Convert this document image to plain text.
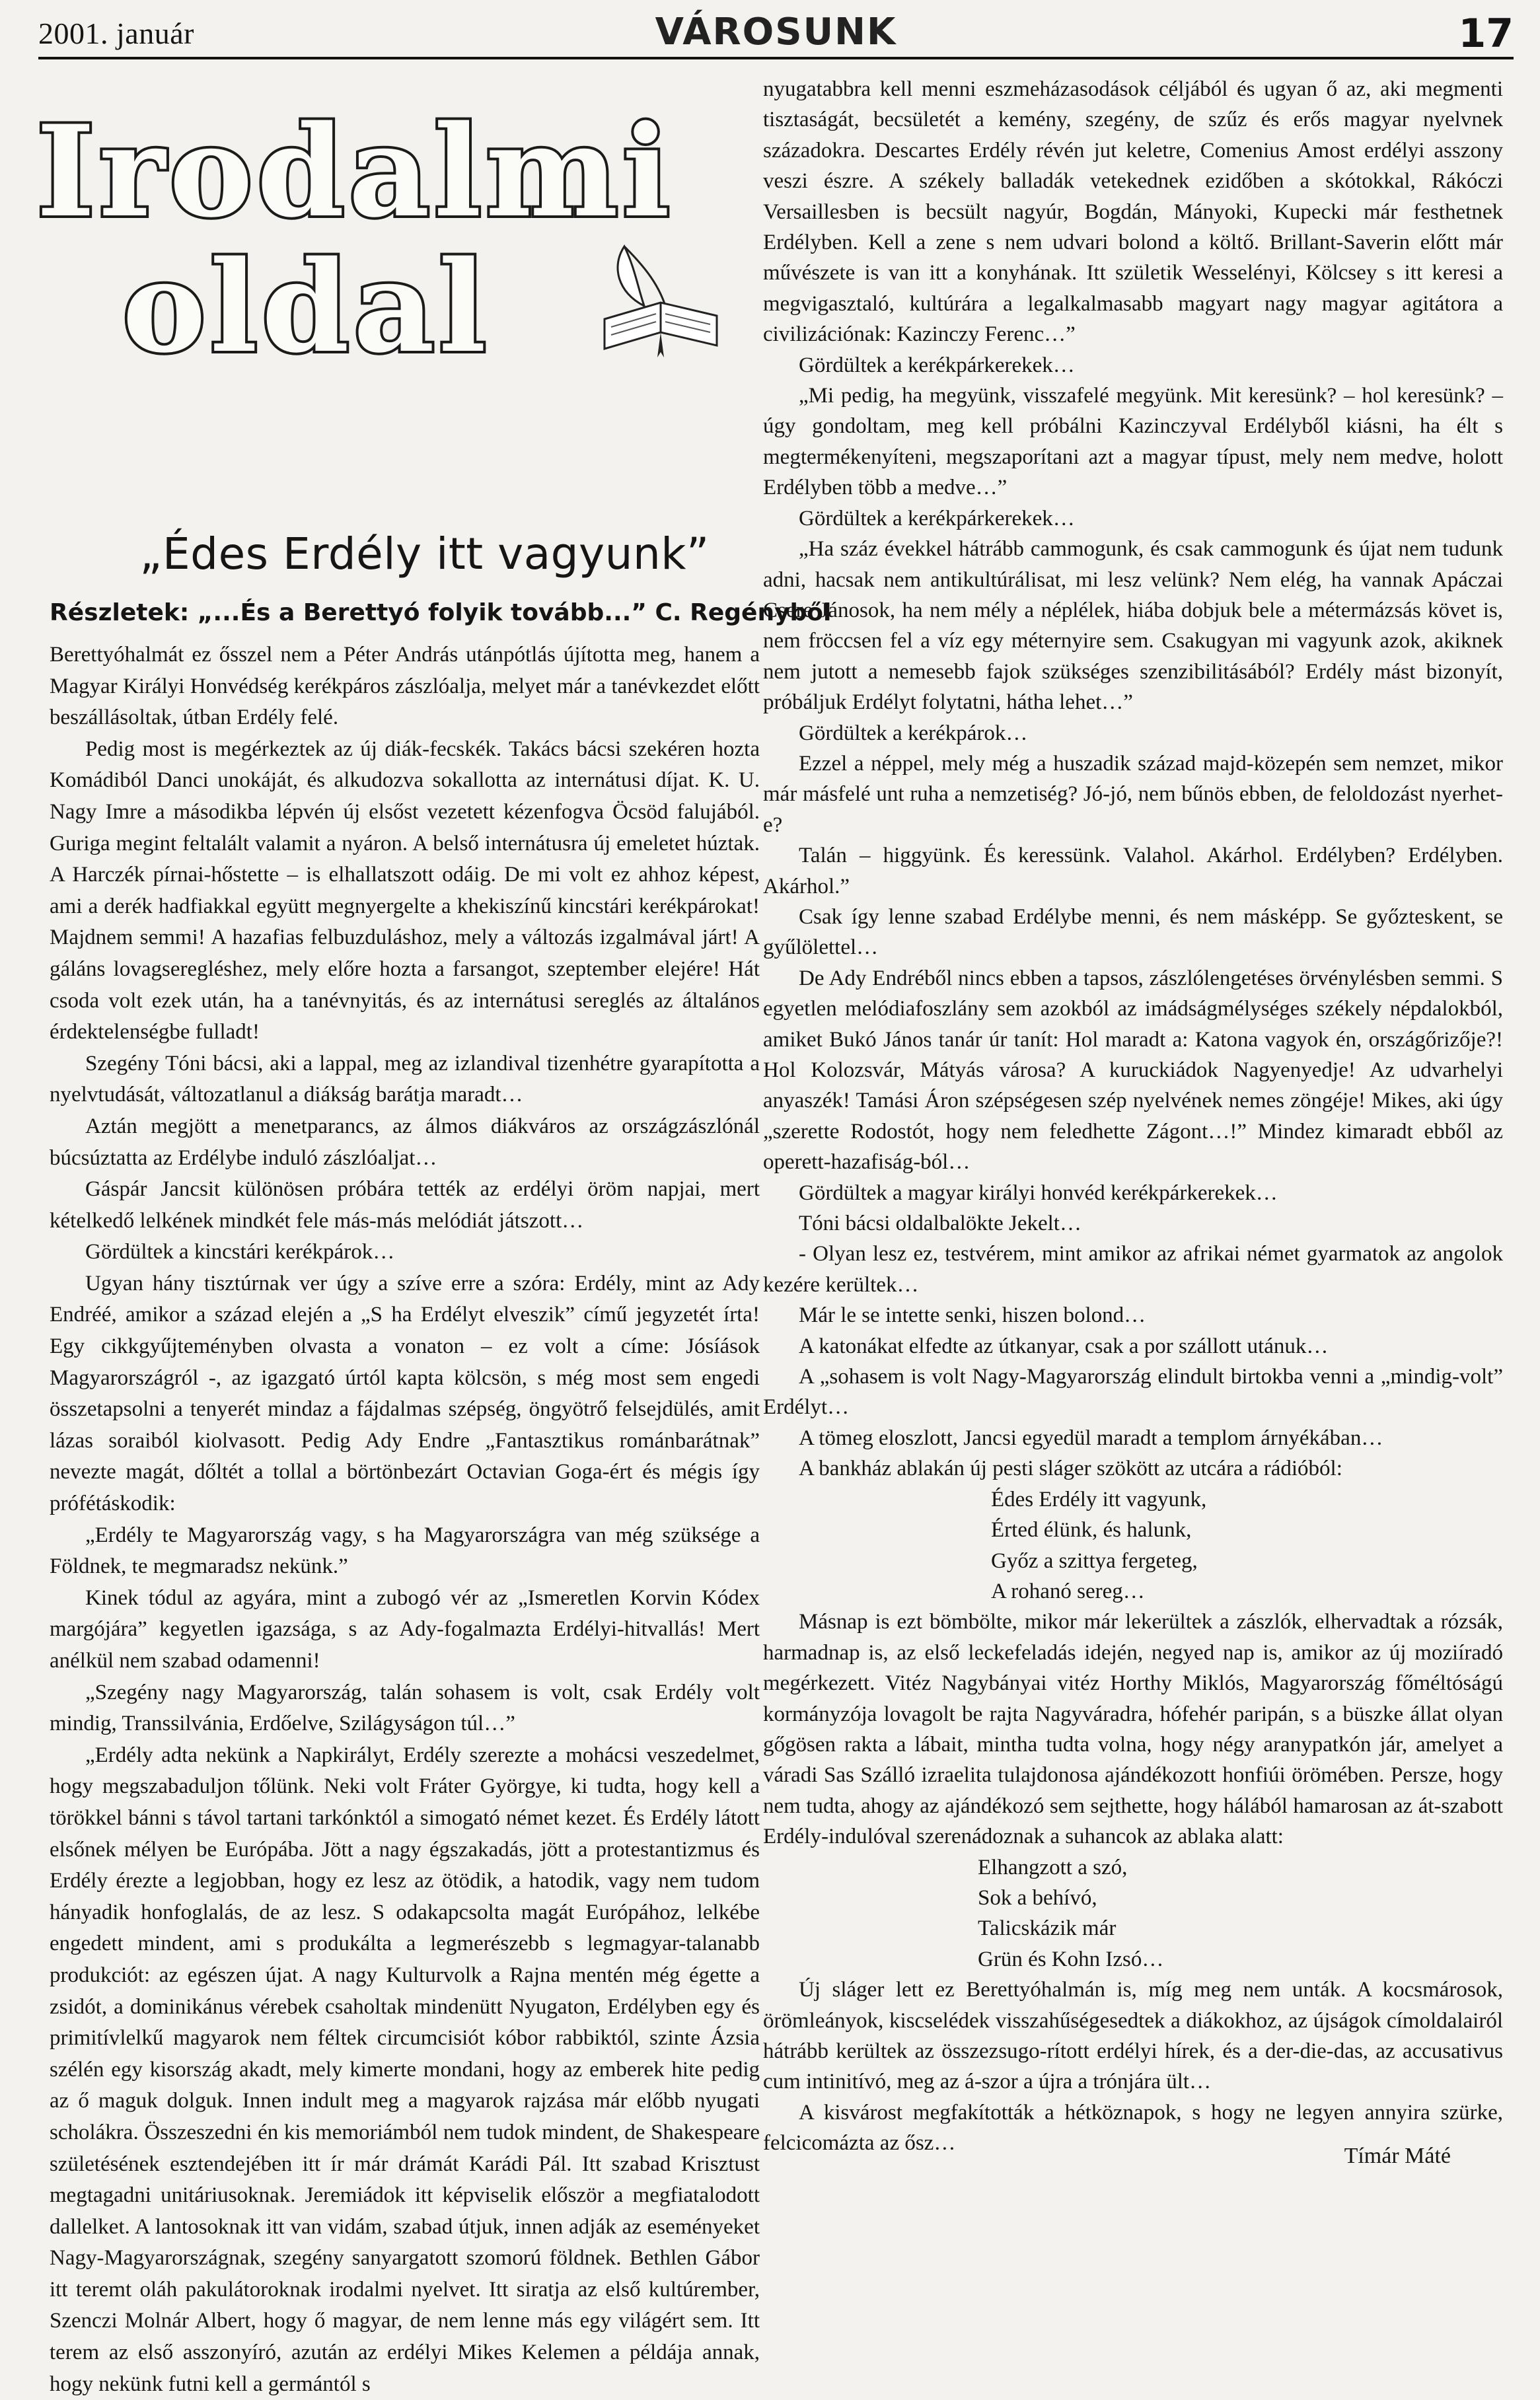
2001. január	VÁROSUNK	17
Irodalmi
oldal
„Édes Erdély itt vagyunk”
Részletek: „...És a Berettyó folyik tovább...” C. Regényből

Berettyóhalmát ez ősszel nem a Péter András utánpótlás újította meg, hanem a Magyar Királyi Honvédség kerékpáros zászlóalja, melyet már a tanévkezdet előtt beszállásoltak, útban Erdély felé.

Pedig most is megérkeztek az új diák-fecskék. Takács bácsi szekéren hozta Komádiból Danci unokáját, és alkudozva sokallotta az internátusi díjat. K. U. Nagy Imre a másodikba lépvén új elsőst vezetett kézenfogva Öcsöd falujából. Guriga megint feltalált valamit a nyáron. A belső internátusra új emeletet húztak. A Harczék pírnai-hőstette – is elhallatszott odáig. De mi volt ez ahhoz képest, ami a derék hadfiakkal együtt megnyergelte a khekiszínű kincstári kerékpárokat! Majdnem semmi! A hazafias felbuzduláshoz, mely a változás izgalmával járt! A gáláns lovagseregléshez, mely előre hozta a farsangot, szeptember elejére! Hát csoda volt ezek után, ha a tanévnyitás, és az internátusi sereglés az általános érdektelenségbe fulladt!

Szegény Tóni bácsi, aki a lappal, meg az izlandival tizenhétre gyarapította a nyelvtudását, változatlanul a diákság barátja maradt…

Aztán megjött a menetparancs, az álmos diákváros az országzászlónál búcsúztatta az Erdélybe induló zászlóaljat…

Gáspár Jancsit különösen próbára tették az erdélyi öröm napjai, mert kételkedő lelkének mindkét fele más-más melódiát játszott…

Gördültek a kincstári kerékpárok…

Ugyan hány tisztúrnak ver úgy a szíve erre a szóra: Erdély, mint az Ady Endréé, amikor a század elején a „S ha Erdélyt elveszik” című jegyzetét írta! Egy cikkgyűjteményben olvasta a vonaton – ez volt a címe: Jósíások Magyarországról -, az igazgató úrtól kapta kölcsön, s még most sem engedi összetapsolni a tenyerét mindaz a fájdalmas szépség, öngyötrő felsejdülés, amit lázas soraiból kiolvasott. Pedig Ady Endre „Fantasztikus románbarátnak” nevezte magát, dőltét a tollal a börtönbezárt Octavian Goga-ért és mégis így prófétáskodik:

„Erdély te Magyarország vagy, s ha Magyarországra van még szüksége a Földnek, te megmaradsz nekünk.”

Kinek tódul az agyára, mint a zubogó vér az „Ismeretlen Korvin Kódex margójára” kegyetlen igazsága, s az Ady-fogalmazta Erdélyi-hitvallás! Mert anélkül nem szabad odamenni!

„Szegény nagy Magyarország, talán sohasem is volt, csak Erdély volt mindig, Transsilvánia, Erdőelve, Szilágyságon túl…”

„Erdély adta nekünk a Napkirályt, Erdély szerezte a mohácsi veszedelmet, hogy megszabaduljon tőlünk. Neki volt Fráter Györgye, ki tudta, hogy kell a törökkel bánni s távol tartani tarkónktól a simogató német kezet. És Erdély látott elsőnek mélyen be Európába. Jött a nagy égszakadás, jött a protestantizmus és Erdély érezte a legjobban, hogy ez lesz az ötödik, a hatodik, vagy nem tudom hányadik honfoglalás, de az lesz. S odakapcsolta magát Európához, lelkébe engedett mindent, ami s produkálta a legmerészebb s legmagyar-talanabb produkciót: az egészen újat. A nagy Kulturvolk a Rajna mentén még égette a zsidót, a dominikánus vérebek csaholtak mindenütt Nyugaton, Erdélyben egy és primitívlelkű magyarok nem féltek circumcisiót kóbor rabbiktól, szinte Ázsia szélén egy kisország akadt, mely kimerte mondani, hogy az emberek hite pedig az ő maguk dolguk. Innen indult meg a magyarok rajzása már előbb nyugati scholákra. Összeszedni én kis memoriámból nem tudok mindent, de Shakespeare születésének esztendejében itt ír már drámát Karádi Pál. Itt szabad Krisztust megtagadni unitáriusoknak. Jeremiádok itt képviselik először a megfiatalodott dallelket. A lantosoknak itt van vidám, szabad útjuk, innen adják az eseményeket Nagy-Magyarországnak, szegény sanyargatott szomorú földnek. Bethlen Gábor itt teremt oláh pakulátoroknak irodalmi nyelvet. Itt siratja az első kultúrember, Szenczi Molnár Albert, hogy ő magyar, de nem lenne más egy világért sem. Itt terem az első asszonyíró, azután az erdélyi Mikes Kelemen a példája annak, hogy nekünk futni kell a germántól s

nyugatabbra kell menni eszmeházasodások céljából és ugyan ő az, aki megmenti tisztaságát, becsületét a kemény, szegény, de szűz és erős magyar nyelvnek századokra. Descartes Erdély révén jut keletre, Comenius Amost erdélyi asszony veszi észre. A székely balladák vetekednek ezidőben a skótokkal, Rákóczi Versaillesben is becsült nagyúr, Bogdán, Mányoki, Kupecki már festhetnek Erdélyben. Kell a zene s nem udvari bolond a költő. Brillant-Saverin előtt már művészete is van itt a konyhának. Itt születik Wesselényi, Kölcsey s itt keresi a megvigasztaló, kultúrára a legalkalmasabb magyart nagy magyar agitátora a civilizációnak: Kazinczy Ferenc…”

Gördültek a kerékpárkerekek…

„Mi pedig, ha megyünk, visszafelé megyünk. Mit keresünk? – hol keresünk? – úgy gondoltam, meg kell próbálni Kazinczyval Erdélyből kiásni, ha élt s megtermékenyíteni, megszaporítani azt a magyar típust, mely nem medve, holott Erdélyben több a medve…”

Gördültek a kerékpárkerekek…

„Ha száz évekkel hátrább cammogunk, és csak cammogunk és újat nem tudunk adni, hacsak nem antikultúrálisat, mi lesz velünk? Nem elég, ha vannak Apáczai Csere Jánosok, ha nem mély a néplélek, hiába dobjuk bele a métermázsás követ is, nem fröccsen fel a víz egy méternyire sem. Csakugyan mi vagyunk azok, akiknek nem jutott a nemesebb fajok szükséges szenzibilitásából? Erdély mást bizonyít, próbáljuk Erdélyt folytatni, hátha lehet…”

Gördültek a kerékpárok…

Ezzel a néppel, mely még a huszadik század majd-közepén sem nemzet, mikor már másfelé unt ruha a nemzetiség? Jó-jó, nem bűnös ebben, de feloldozást nyerhet-e?

Talán – higgyünk. És keressünk. Valahol. Akárhol. Erdélyben? Erdélyben. Akárhol.”

Csak így lenne szabad Erdélybe menni, és nem másképp. Se győzteskent, se gyűlölettel…

De Ady Endréből nincs ebben a tapsos, zászlólengetéses örvénylésben semmi. S egyetlen melódiafoszlány sem azokból az imádságmélységes székely népdalokból, amiket Bukó János tanár úr tanít: Hol maradt a: Katona vagyok én, országőrizője?! Hol Kolozsvár, Mátyás városa? A kuruckiádok Nagyenyedje! Az udvarhelyi anyaszék! Tamási Áron szépségesen szép nyelvének nemes zöngéje! Mikes, aki úgy „szerette Rodostót, hogy nem feledhette Zágont…!” Mindez kimaradt ebből az operett-hazafiság-ból…

Gördültek a magyar királyi honvéd kerékpárkerekek…

Tóni bácsi oldalbalökte Jekelt…

- Olyan lesz ez, testvérem, mint amikor az afrikai német gyarmatok az angolok kezére kerültek…

Már le se intette senki, hiszen bolond…

A katonákat elfedte az útkanyar, csak a por szállott utánuk…

A „sohasem is volt Nagy-Magyarország elindult birtokba venni a „mindig-volt” Erdélyt…

A tömeg eloszlott, Jancsi egyedül maradt a templom árnyékában…

A bankház ablakán új pesti sláger szökött az utcára a rádióból:

Édes Erdély itt vagyunk,
Érted élünk, és halunk,
Győz a szittya fergeteg,
A rohanó sereg…

Másnap is ezt bömbölte, mikor már lekerültek a zászlók, elhervadtak a rózsák, harmadnap is, az első leckefeladás idején, negyed nap is, amikor az új moziíradó megérkezett. Vitéz Nagybányai vitéz Horthy Miklós, Magyarország főméltóságú kormányzója lovagolt be rajta Nagyváradra, hófehér paripán, s a büszke állat olyan gőgösen rakta a lábait, mintha tudta volna, hogy négy aranypatkón jár, amelyet a váradi Sas Szálló izraelita tulajdonosa ajándékozott honfiúi örömében. Persze, hogy nem tudta, ahogy az ajándékozó sem sejthette, hogy hálából hamarosan az át-szabott Erdély-indulóval szerenádoznak a suhancok az ablaka alatt:

Elhangzott a szó,
Sok a behívó,
Talicskázik már
Grün és Kohn Izsó…

Új sláger lett ez Berettyóhalmán is, míg meg nem unták. A kocsmárosok, örömleányok, kiscselédek visszahűségesedtek a diákokhoz, az újságok címoldalairól hátrább kerültek az összezsugo-rított erdélyi hírek, és a der-die-das, az accusativus cum intinitívó, meg az á-szor a újra a trónjára ült…

A kisvárost megfakították a hétköznapok, s hogy ne legyen annyira szürke, felcicomázta az ősz…

Tímár Máté
